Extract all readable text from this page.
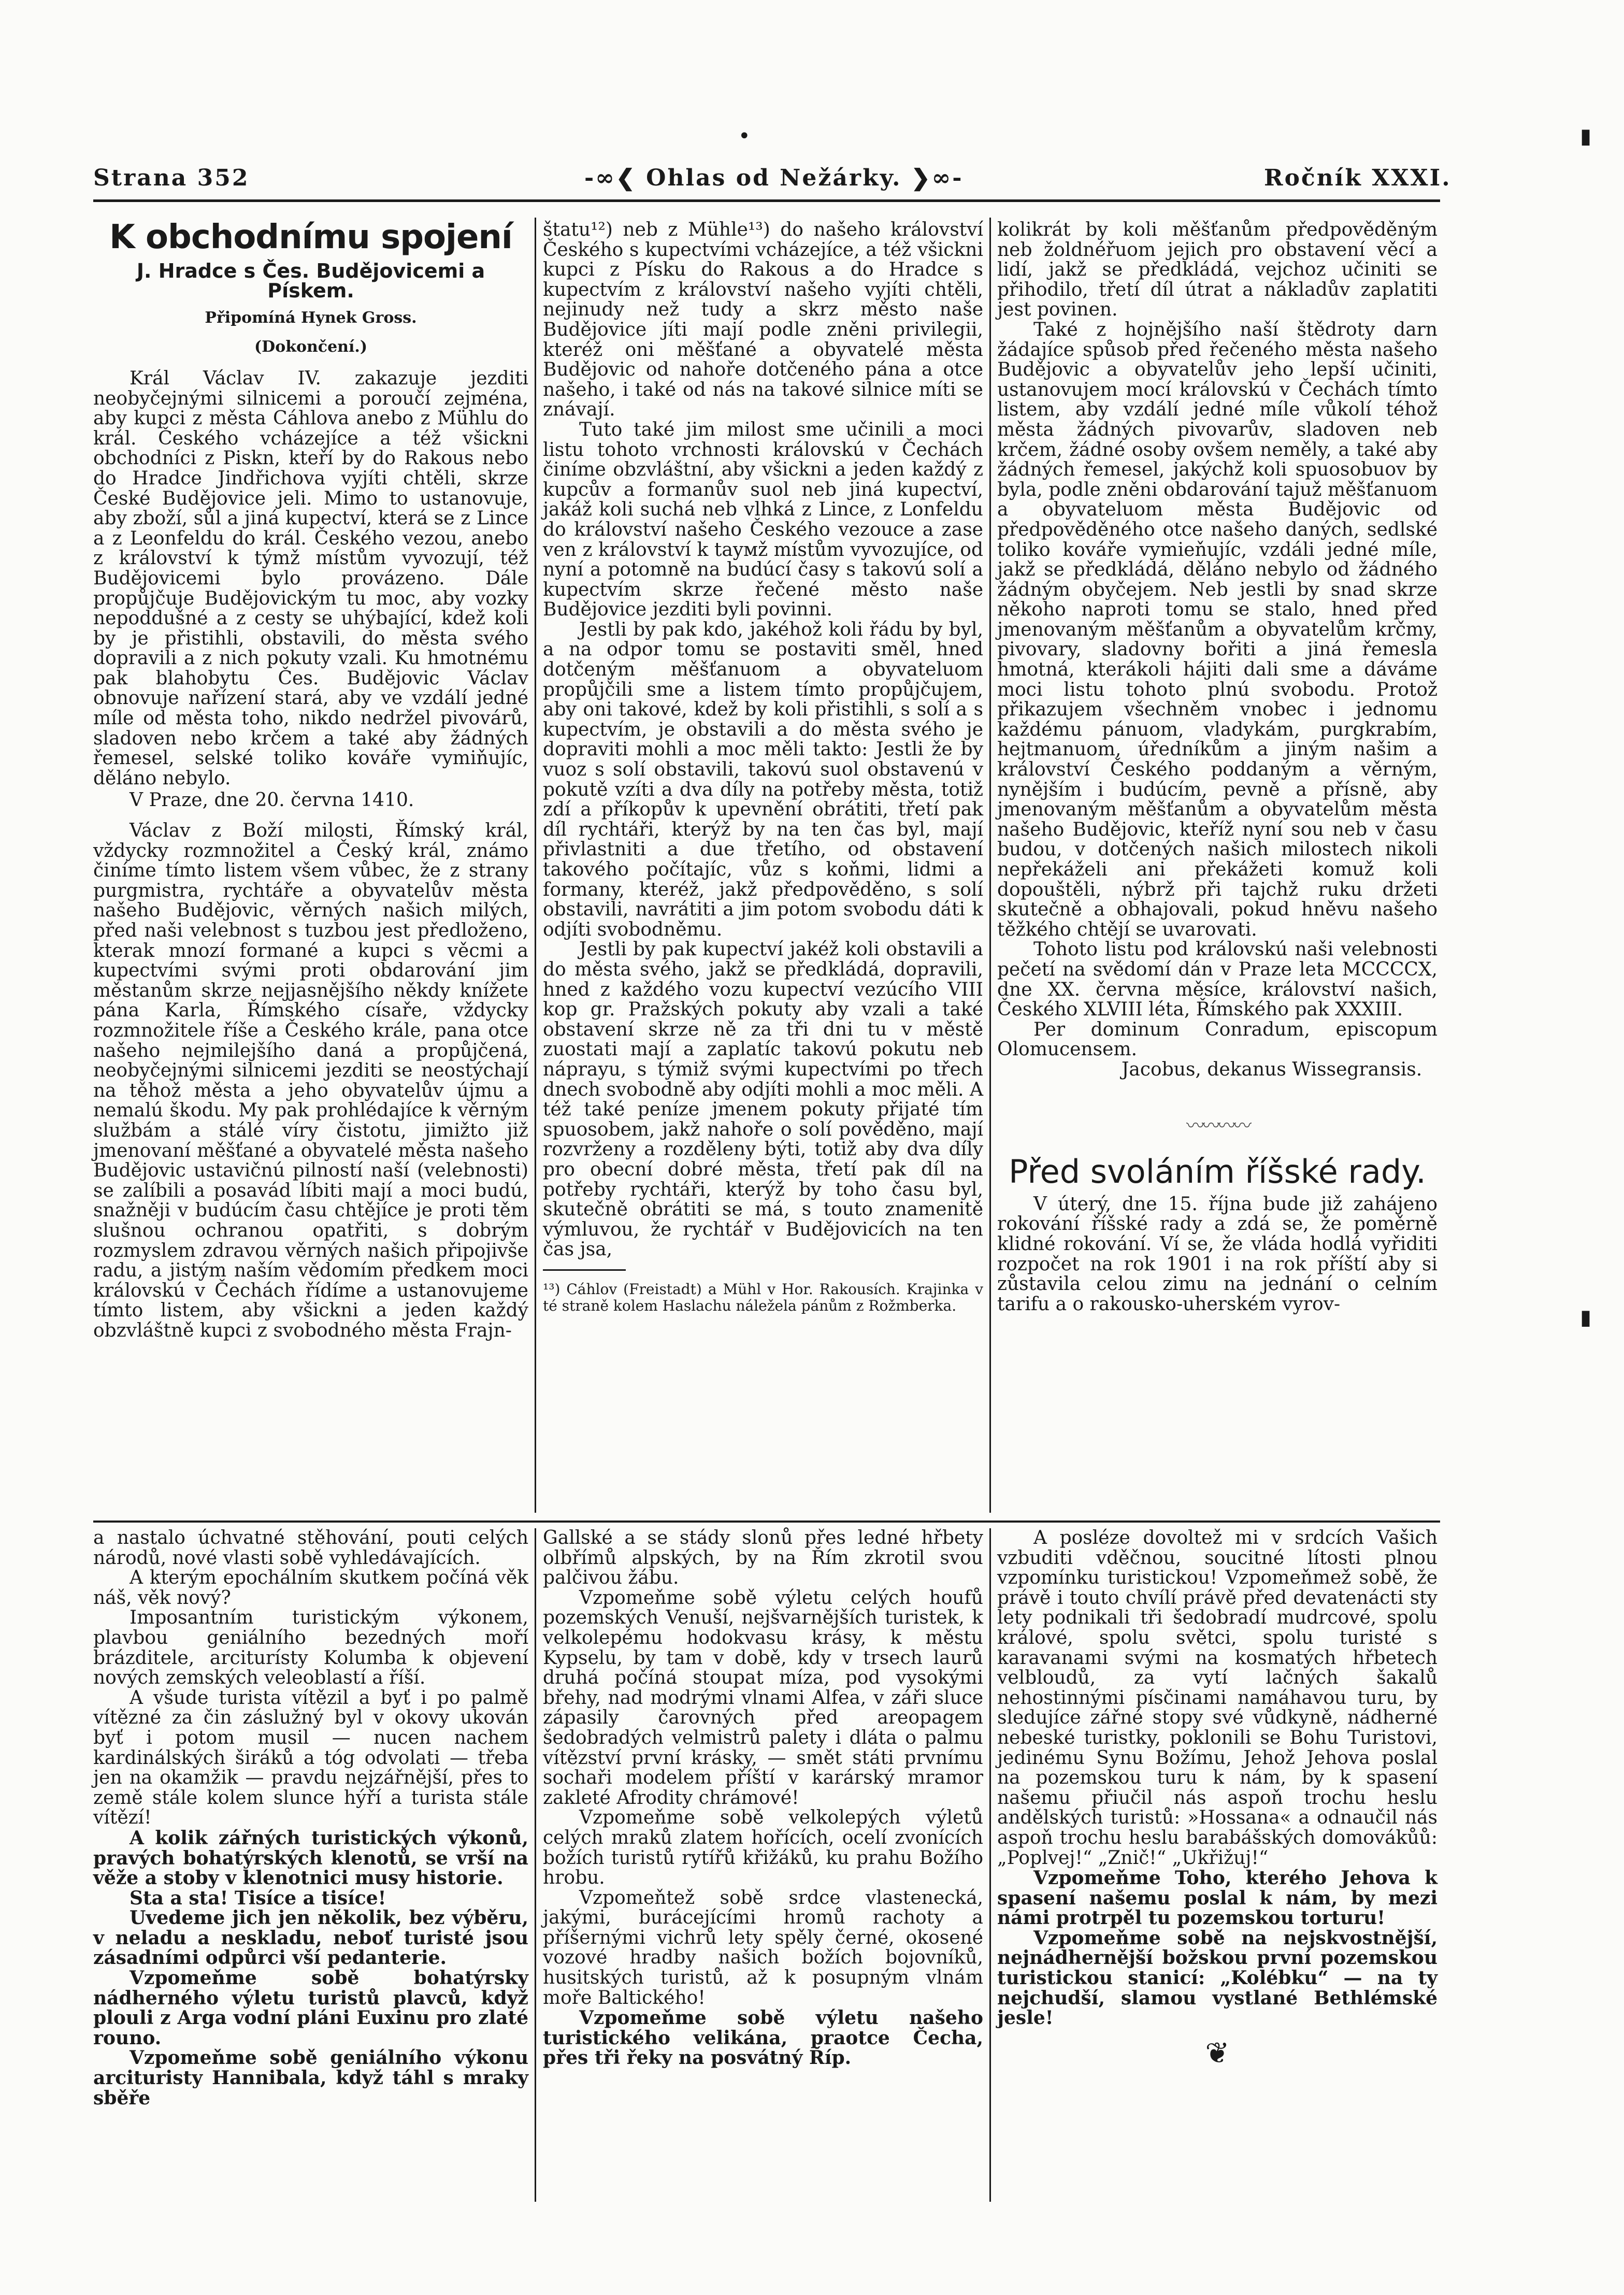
Strana 352	-∞❮ Ohlas od Nežárky. ❯∞-	Ročník XXXI.
•	▮
K obchodnímu spojení
J. Hradce s Čes. Budějovicemi a Pískem.
Připomíná Hynek Gross.
(Dokončení.)

Král Václav IV. zakazuje jezditi neobyčejnými silnicemi a poroučí zejména, aby kupci z města Cáhlova anebo z Mühlu do král. Českého vcházejíce a též všickni obchodníci z Piskn, kteří by do Rakous nebo do Hradce Jindřichova vyjíti chtěli, skrze České Budějovice jeli. Mimo to ustanovuje, aby zboží, sůl a jiná kupectví, která se z Lince a z Leonfeldu do král. Českého vezou, anebo z království k týmž místům vyvozují, též Budějovicemi bylo provázeno. Dále propůjčuje Budějovickým tu moc, aby vozky nepoddušné a z cesty se uhýbající, kdež koli by je přistihli, obstavili, do města svého dopravili a z nich pokuty vzali. Ku hmotnému pak blahobytu Čes. Budějovic Václav obnovuje nařízení stará, aby ve vzdálí jedné míle od města toho, nikdo nedržel pivovárů, sladoven nebo krčem a také aby žádných řemesel, selské toliko kováře vymiňujíc, děláno nebylo.

V Praze, dne 20. června 1410.

Václav z Boží milosti, Římský král, vždycky rozmnožitel a Český král, známo činíme tímto listem všem vůbec, že z strany purgmistra, rychtáře a obyvatelův města našeho Budějovic, věrných našich milých, před naši velebnost s tuzbou jest předloženo, kterak mnozí formané a kupci s věcmi a kupectvími svými proti obdarování jim městanům skrze nejjasnějšího někdy knížete pána Karla, Římského císaře, vždycky rozmnožitele říše a Českého krále, pana otce našeho nejmilejšího daná a propůjčená, neobyčejnými silnicemi jezditi se neostýchají na těhož města a jeho obyvatelův újmu a nemalú škodu. My pak prohlédajíce k věrným službám a stálé víry čistotu, jimižto již jmenovaní měšťané a obyvatelé města našeho Budějovic ustavičnú pilností naší (velebnosti) se zalíbili a posavád líbiti mají a moci budú, snažněji v budúcím času chtějíce je proti těm slušnou ochranou opatřiti, s dobrým rozmyslem zdravou věrných našich připojivše radu, a jistým naším vědomím předkem moci královskú v Čechách řídíme a ustanovujeme tímto listem, aby všickni a jeden každý obzvláštně kupci z svobodného města Frajn-

štatu¹²) neb z Mühle¹³) do našeho království Českého s kupectvími vcházejíce, a též všickni kupci z Písku do Rakous a do Hradce s kupectvím z království našeho vyjíti chtěli, nejinudy než tudy a skrz město naše Budějovice jíti mají podle zněni privilegii, kteréž oni měšťané a obyvatelé města Budějovic od nahoře dotčeného pána a otce našeho, i také od nás na takové silnice míti se znávají.

Tuto také jim milost sme učinili a moci listu tohoto vrchnosti královskú v Čechách činíme obzvláštní, aby všickni a jeden každý z kupcův a formanův suol neb jiná kupectví, jakáž koli suchá neb vlhká z Lince, z Lonfeldu do království našeho Českého vezouce a zase ven z království k tayмž místům vyvozujíce, od nyní a potomně na budúcí časy s takovú solí a kupectvím skrze řečené město naše Budějovice jezditi byli povinni.

Jestli by pak kdo, jakéhož koli řádu by byl, a na odpor tomu se postaviti směl, hned dotčeným měšťanuom a obyvateluom propůjčili sme a listem tímto propůjčujem, aby oni takové, kdež by koli přistihli, s solí a s kupectvím, je obstavili a do města svého je dopraviti mohli a moc měli takto: Jestli že by vuoz s solí obstavili, takovú suol obstavenú v pokutě vzíti a dva díly na potřeby města, totiž zdí a příkopův k upevnění obrátiti, třetí pak díl rychtáři, kterýž by na ten čas byl, mají přivlastniti a due třetího, od obstavení takového počítajíc, vůz s koňmi, lidmi a formany, kteréž, jakž předpověděno, s solí obstavili, navrátiti a jim potom svobodu dáti k odjíti svobodněmu.

Jestli by pak kupectví jakéž koli obstavili a do města svého, jakž se předkládá, dopravili, hned z každého vozu kupectví vezúcího VIII kop gr. Pražských pokuty aby vzali a také obstavení skrze ně za tři dni tu v městě zuostati mají a zaplatíc takovú pokutu neb náprayu, s týmiž svými kupectvími po třech dnech svobodně aby odjíti mohli a moc měli. A též také peníze jmenem pokuty přijaté tím spuosobem, jakž nahoře o solí pověděno, mají rozvrženy a rozděleny býti, totiž aby dva díly pro obecní dobré města, třetí pak díl na potřeby rychtáři, kterýž by toho času byl, skutečně obrátiti se má, s touto znamenitě výmluvou, že rychtář v Budějovicích na ten čas jsa,

¹³) Cáhlov (Freistadt) a Mühl v Hor. Rakousích. Krajinka v té straně kolem Haslachu náležela pánům z Rožmberka.

kolikrát by koli měšťanům předpověděným neb žoldnéřuom jejich pro obstavení věcí a lidí, jakž se předkládá, vejchoz učiniti se přihodilo, třetí díl útrat a nákladův zaplatiti jest povinen.

Také z hojnějšího naší štědroty darn žádajíce spůsob před řečeného města našeho Budějovic a obyvatelův jeho lepší učiniti, ustanovujem mocí královskú v Čechách tímto listem, aby vzdálí jedné míle vůkolí téhož města žádných pivovarův, sladoven neb krčem, žádné osoby ovšem neměly, a také aby žádných řemesel, jakýchž koli spuosobuov by byla, podle zněni obdarování tajuž měšťanuom a obyvateluom města Budějovic od předpověděného otce našeho daných, sedlské toliko kováře vymiеňujíc, vzdáli jedné míle, jakž se předkládá, děláno nebylo od žádného žádným obyčejem. Neb jestli by snad skrze někoho naproti tomu se stalo, hned před jmenovaným měšťanům a obyvatelům krčmy, pivovary, sladovny bořiti a jiná řemesla hmotná, kterákoli hájiti dali sme a dáváme moci listu tohoto plnú svobodu. Protož přikazujem všechněm vnobec i jednomu každému pánuom, vladykám, purgkrabím, hejtmanuom, úředníkům a jiným našim a království Českého poddaným a věrným, nynějším i budúcím, pevně a přísně, aby jmenovaným měšťanům a obyvatelům města našeho Budějovic, kteříž nyní sou neb v času budou, v dotčených našich milostech nikoli nepřekáželi ani překážeti komuž koli dopouštěli, nýbrž při tajchž ruku držeti skutečně a obhajovali, pokud hněvu našeho těžkého chtějí se uvarovati.

Tohoto listu pod královskú naši velebnosti pečetí na svědomí dán v Praze leta MCCCCX, dne XX. června měsíce, království našich, Českého XLVIII léta, Římského pak XXXIII.

Per dominum Conradum, episcopum Olomucensem.

Jacobus, dekanus Wissegransis.

〰〰〰〰
Před svoláním říšské rady.

V úterý, dne 15. října bude již zahájeno rokování říšské rady a zdá se, že poměrně klidné rokování. Ví se, že vláda hodlá vyřiditi rozpočet na rok 1901 i na rok příští aby si zůstavila celou zimu na jednání o celním tarifu a o rakousko-uherském vyrov-

a nastalo úchvatné stěhování, pouti celých národů, nové vlasti sobě vyhledávajících.

A kterým epochálním skutkem počíná věk náš, věk nový?

Imposantním turistickým výkonem, plavbou geniálního bezedných moří brázditele, arciturísty Kolumba k objevení nových zemských veleoblastí a říší.

A všude turista vítězil a byť i po palmě vítězné za čin záslužný byl v okovy ukován byť i potom musil — nucen nachem kardinálských širáků a tóg odvolati — třeba jen na okamžik — pravdu nejzářnější, přes to země stále kolem slunce hýří a turista stále vítězí!

A kolik zářných turistických výkonů, pravých bohatýrských klenotů, se vrší na věže a stoby v klenotnici musy historie.

Sta a sta! Tisíce a tisíce!

Uvedeme jich jen několik, bez výběru, v neladu a neskladu, neboť turisté jsou zásadními odpůrci vší pedanterie.

Vzpomeňme sobě bohatýrsky nádherného výletu turistů plavců, když plouli z Arga vodní pláni Euxinu pro zlaté rouno.

Vzpomeňme sobě geniálního výkonu arcituristy Hannibala, když táhl s mraky sběře

Gallské a se stády slonů přes ledné hřbety olbřímů alpských, by na Řím zkrotil svou palčivou žábu.

Vzpomeňme sobě výletu celých houfů pozemských Venuší, nejšvarnějších turistek, k velkolepému hodokvasu krásy, k městu Kypselu, by tam v době, kdy v trsech laurů druhá počíná stoupat míza, pod vysokými břehy, nad modrými vlnami Alfea, v záři sluce zápasily čarovných před areopagem šedobradých velmistrů palety i dláta o palmu vítězství první krásky, — smět státi prvnímu sochaři modelem příští v karárský mramor zakleté Afrodity chrámové!

Vzpomeňme sobě velkolepých výletů celých mraků zlatem hořících, ocelí zvonících božích turistů rytířů křižáků, ku prahu Božího hrobu.

Vzpomeňtež sobě srdce vlastenecká, jakými, burácejícími hromů rachoty a příšernými vichrů lety spěly černé, okosené vozové hradby našich božích bojovníků, husitských turistů, až k posupným vlnám moře Baltického!

Vzpomeňme sobě výletu našeho turistického velikána, praotce Čecha, přes tři řeky na posvátný Říp.

A posléze dovoltež mi v srdcích Vašich vzbuditi vděčnou, soucitné lítosti plnou vzpomínku turistickou! Vzpomeňmež sobě, že právě i touto chvílí právě před devatenácti sty lety podnikali tři šedobradí mudrcové, spolu králové, spolu světci, spolu turisté s karavanami svými na kosmatých hřbetech velbloudů, za vytí lačných šakalů nehostinnými písčinami namáhavou turu, by sledujíce zářné stopy své vůdkyně, nádherné nebeské turistky, poklonili se Bohu Turistovi, jedinému Synu Božímu, Jehož Jehova poslal na pozemskou turu k nám, by k spasení našemu přiučil nás aspoň trochu heslu andělských turistů: »Hossana« a odnaučil nás aspoň trochu heslu barabášských domovákůů: „Poplvej!“ „Znič!“ „Ukřižuj!“

Vzpomeňme Toho, kterého Jehova k spasení našemu poslal k nám, by mezi námi protrpěl tu pozemskou torturu!

Vzpomeňme sobě na nejskvostnější, nejnádhernější božskou první pozemskou turistickou stanicí: „Kolébku“ — na ty nejchudší, slamou vystlané Bethlémské jesle!

❦
▮
